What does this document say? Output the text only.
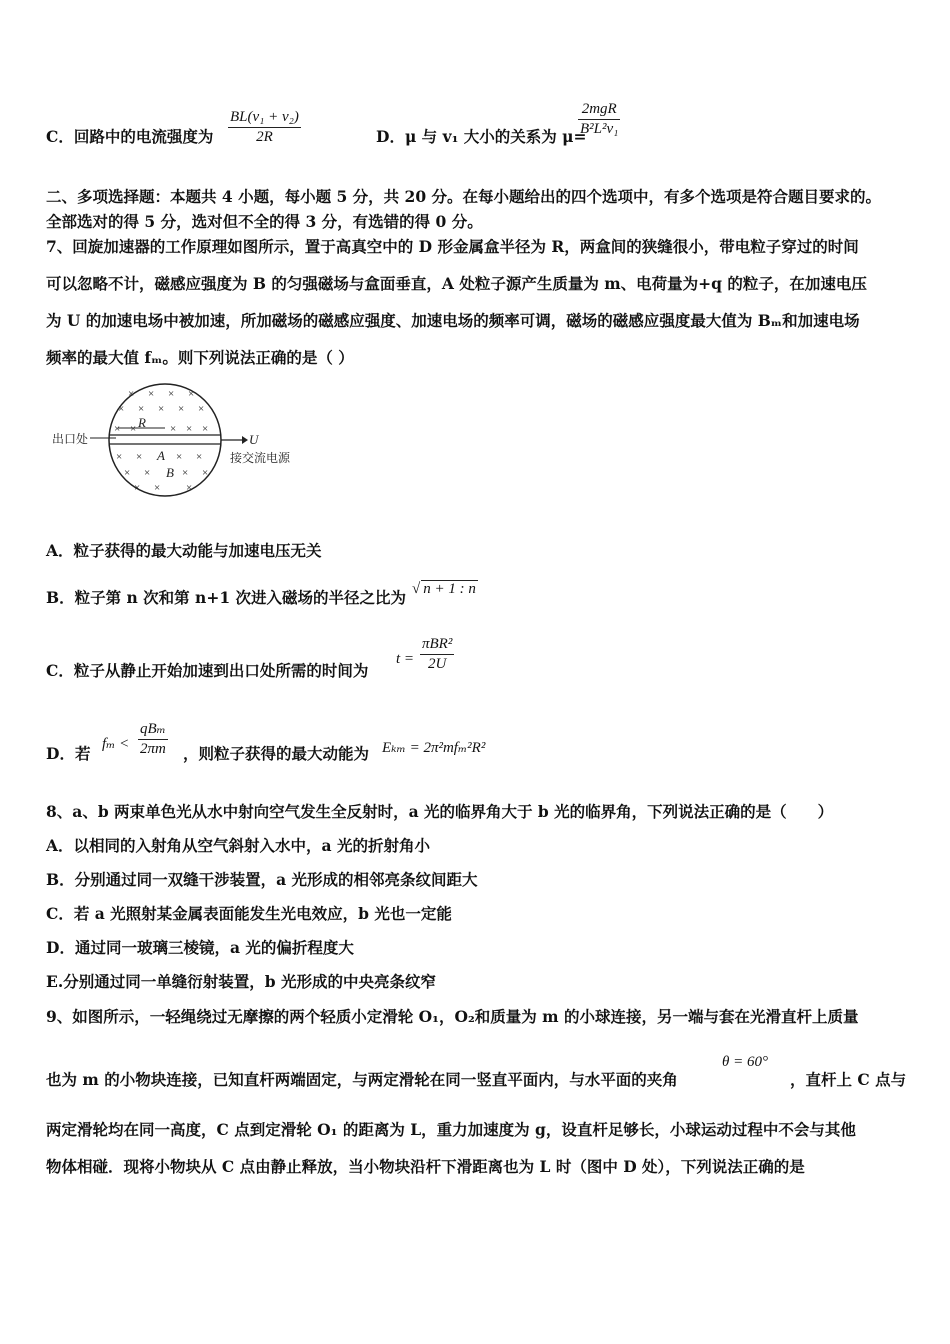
C．回路中的电流强度为
BL(v₁ + v₂)
2R	D．μ 与 v₁ 大小的关系为 μ=
2mgR
B²L²v₁
二、多项选择题：本题共 4 小题，每小题 5 分，共 20 分。在每小题给出的四个选项中，有多个选项是符合题目要求的。
全部选对的得 5 分，选对但不全的得 3 分，有选错的得 0 分。
7、回旋加速器的工作原理如图所示，置于高真空中的 D 形金属盒半径为 R，两盒间的狭缝很小，带电粒子穿过的时间
可以忽略不计，磁感应强度为 B 的匀强磁场与盒面垂直，A 处粒子源产生质量为 m、电荷量为+q 的粒子，在加速电压
为 U 的加速电场中被加速，所加磁场的磁感应强度、加速电场的频率可调，磁场的磁感应强度最大值为 Bₘ和加速电场
频率的最大值 fₘ。则下列说法正确的是（ ）
× × × ×
× × × × ×
× ×	× × ×
× ×	× ×
× ×	× ×
× × ×
R
A
B
U
出口处
接交流电源
A．粒子获得的最大动能与加速电压无关
B．粒子第 n 次和第 n+1 次进入磁场的半径之比为 √ n + 1 : n
C．粒子从静止开始加速到出口处所需的时间为
t =
πBR²
2U
D．若 fₘ <
qBₘ
2πm ，则粒子获得的最大动能为 Eₖₘ = 2π²mfₘ²R²
8、a、b 两束单色光从水中射向空气发生全反射时，a 光的临界角大于 b 光的临界角，下列说法正确的是（　　）
A．以相同的入射角从空气斜射入水中，a 光的折射角小
B．分别通过同一双缝干涉装置，a 光形成的相邻亮条纹间距大
C．若 a 光照射某金属表面能发生光电效应，b 光也一定能
D．通过同一玻璃三棱镜，a 光的偏折程度大
E.分别通过同一单缝衍射装置，b 光形成的中央亮条纹窄
9、如图所示，一轻绳绕过无摩擦的两个轻质小定滑轮 O₁，O₂和质量为 m 的小球连接，另一端与套在光滑直杆上质量
也为 m 的小物块连接，已知直杆两端固定，与两定滑轮在同一竖直平面内，与水平面的夹角
θ = 60°
，直杆上 C 点与
两定滑轮均在同一高度，C 点到定滑轮 O₁ 的距离为 L，重力加速度为 g，设直杆足够长，小球运动过程中不会与其他
物体相碰．现将小物块从 C 点由静止释放，当小物块沿杆下滑距离也为 L 时（图中 D 处），下列说法正确的是
